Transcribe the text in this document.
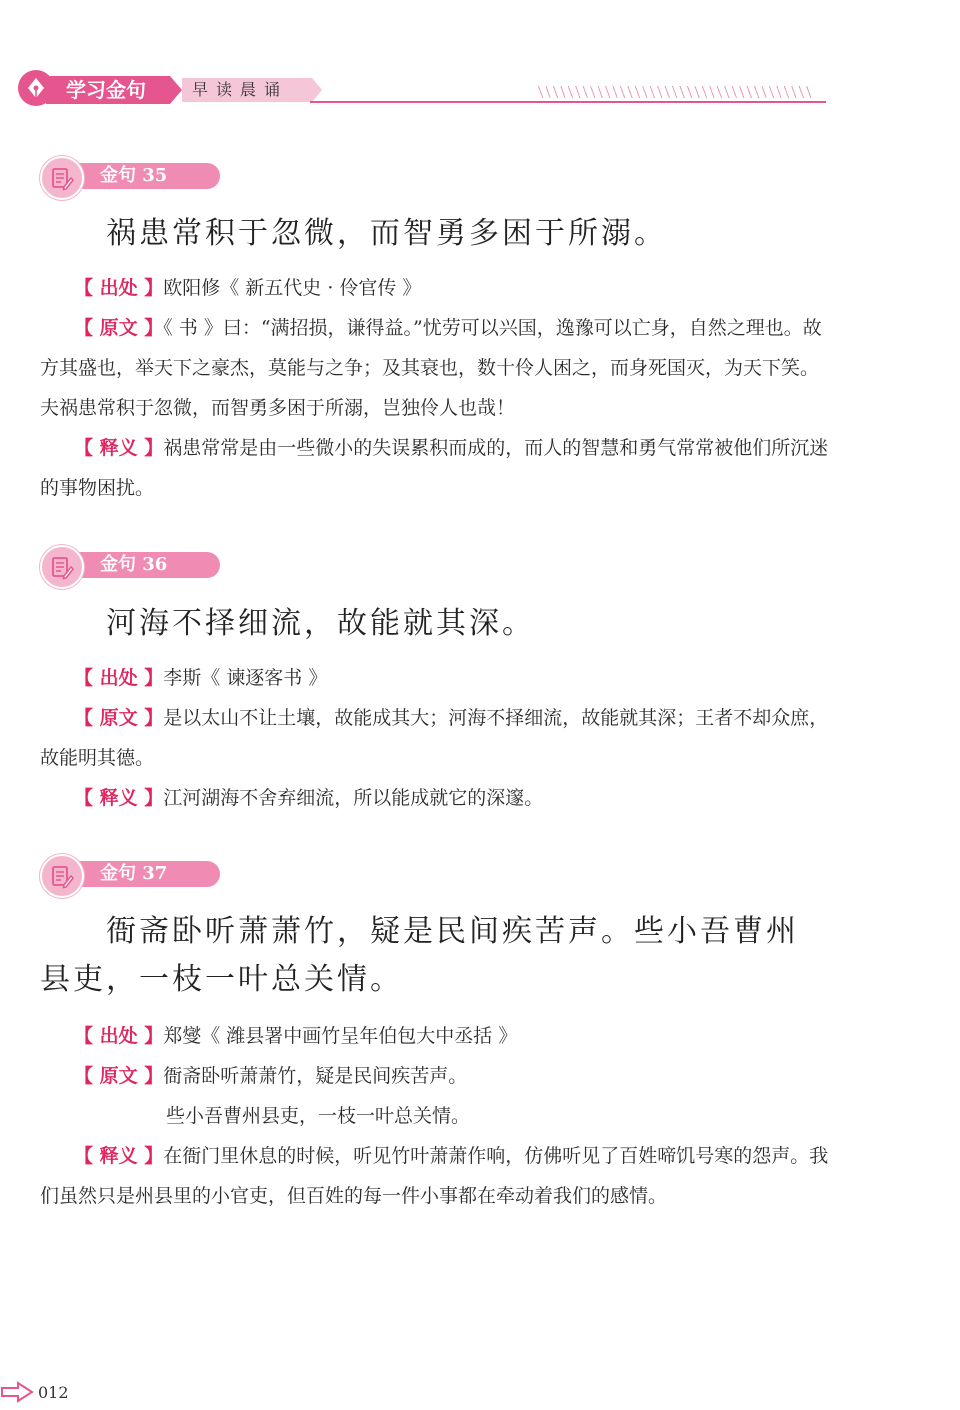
学习金句	早读晨诵
金句 35
祸患常积于忽微，而智勇多困于所溺。
【 出处 】欧阳修《 新五代史 · 伶官传 》
【 原文 】《 书 》曰：“满招损，谦得益。”忧劳可以兴国，逸豫可以亡身，自然之理也。故方其盛也，举天下之豪杰，莫能与之争；及其衰也，数十伶人困之，而身死国灭，为天下笑。夫祸患常积于忽微，而智勇多困于所溺，岂独伶人也哉！
【 释义 】祸患常常是由一些微小的失误累积而成的，而人的智慧和勇气常常被他们所沉迷的事物困扰。
金句 36
河海不择细流，故能就其深。
【 出处 】李斯《 谏逐客书 》
【 原文 】是以太山不让土壤，故能成其大；河海不择细流，故能就其深；王者不却众庶，故能明其德。
【 释义 】江河湖海不舍弃细流，所以能成就它的深邃。
金句 37
衙斋卧听萧萧竹，疑是民间疾苦声。些小吾曹州县吏，一枝一叶总关情。
【 出处 】郑燮《 潍县署中画竹呈年伯包大中丞括 》
【 原文 】衙斋卧听萧萧竹，疑是民间疾苦声。
些小吾曹州县吏，一枝一叶总关情。
【 释义 】在衙门里休息的时候，听见竹叶萧萧作响，仿佛听见了百姓啼饥号寒的怨声。我们虽然只是州县里的小官吏，但百姓的每一件小事都在牵动着我们的感情。
012
